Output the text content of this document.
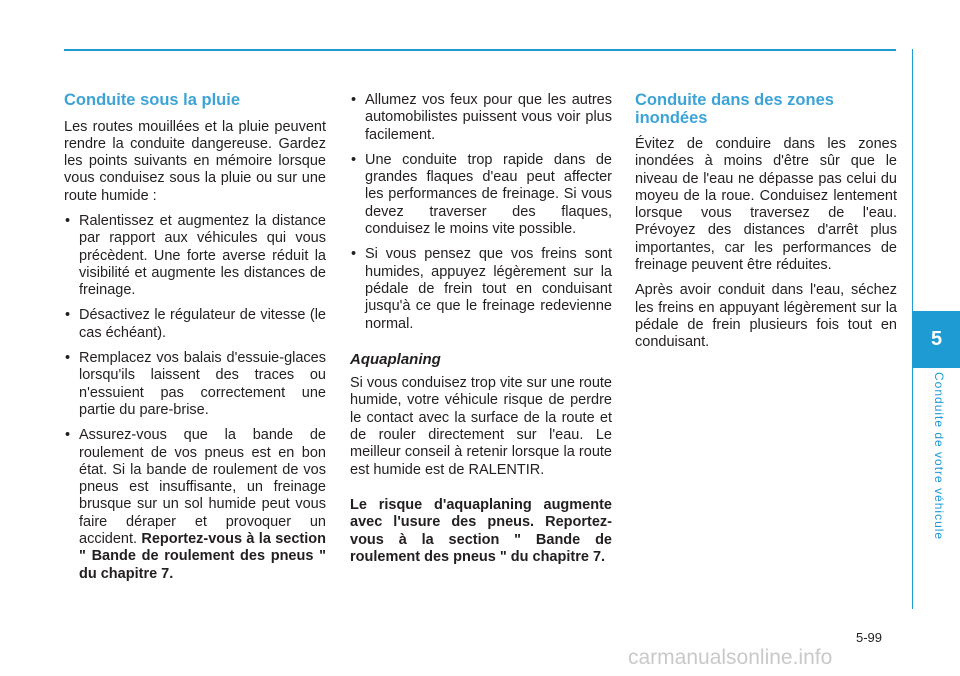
5
Conduite de votre véhicule
Conduite sous la pluie

Les routes mouillées et la pluie peuvent rendre la conduite dangereuse. Gardez les points suivants en mémoire lorsque vous conduisez sous la pluie ou sur une route humide :

• Ralentissez et augmentez la distance par rapport aux véhicules qui vous précèdent. Une forte averse réduit la visibilité et augmente les distances de freinage.
• Désactivez le régulateur de vitesse (le cas échéant).
• Remplacez vos balais d'essuie-glaces lorsqu'ils laissent des traces ou n'essuient pas correctement une partie du pare-brise.
• Assurez-vous que la bande de roulement de vos pneus est en bon état. Si la bande de roulement de vos pneus est insuffisante, un freinage brusque sur un sol humide peut vous faire déraper et provoquer un accident. Reportez-vous à la section " Bande de roulement des pneus " du chapitre 7.
• Allumez vos feux pour que les autres automobilistes puissent vous voir plus facilement.
• Une conduite trop rapide dans de grandes flaques d'eau peut affecter les performances de freinage. Si vous devez traverser des flaques, conduisez le moins vite possible.
• Si vous pensez que vos freins sont humides, appuyez légèrement sur la pédale de frein tout en conduisant jusqu'à ce que le freinage redevienne normal.
Aquaplaning

Si vous conduisez trop vite sur une route humide, votre véhicule risque de perdre le contact avec la surface de la route et de rouler directement sur l'eau. Le meilleur conseil à retenir lorsque la route est humide est de RALENTIR.

Le risque d'aquaplaning augmente avec l'usure des pneus. Reportez-vous à la section " Bande de roulement des pneus " du chapitre 7.

Conduite dans des zones inondées

Évitez de conduire dans les zones inondées à moins d'être sûr que le niveau de l'eau ne dépasse pas celui du moyeu de la roue. Conduisez lentement lorsque vous traversez de l'eau. Prévoyez des distances d'arrêt plus importantes, car les performances de freinage peuvent être réduites.

Après avoir conduit dans l'eau, séchez les freins en appuyant légèrement sur la pédale de frein plusieurs fois tout en conduisant.

5-99
carmanualsonline.info
